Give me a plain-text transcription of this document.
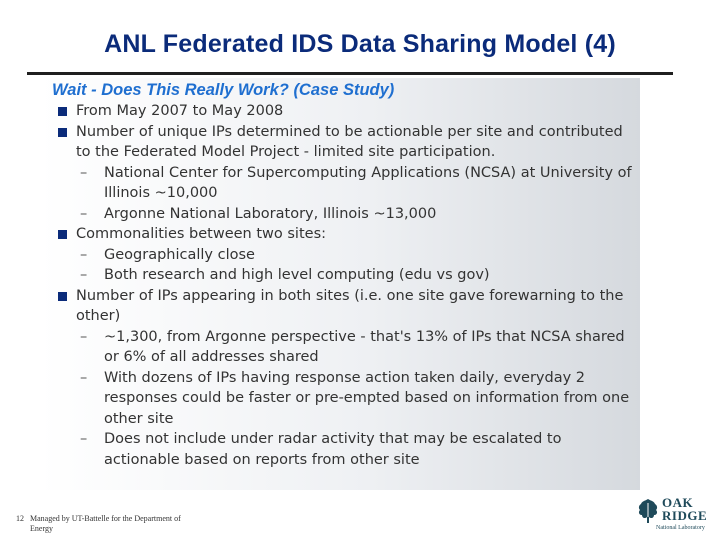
ANL Federated IDS Data Sharing Model (4)
Wait - Does This Really Work? (Case Study)
From May 2007 to May 2008
Number of unique IPs determined to be actionable per site and contributed to the Federated Model Project - limited site participation.
– National Center for Supercomputing Applications (NCSA) at University of Illinois ~10,000
– Argonne National Laboratory, Illinois ~13,000
Commonalities between two sites:
– Geographically close
– Both research and high level computing (edu vs gov)
Number of IPs appearing in both sites (i.e. one site gave forewarning to the other)
– ~1,300, from Argonne perspective - that's 13% of IPs that NCSA shared or 6% of all addresses shared
– With dozens of IPs having response action taken daily, everyday 2 responses could be faster or pre-empted based on information from one other site
– Does not include under radar activity that may be escalated to actionable based on reports from other site
12 Managed by UT-Battelle for the Department of Energy
OAK
RIDGE
National Laboratory
